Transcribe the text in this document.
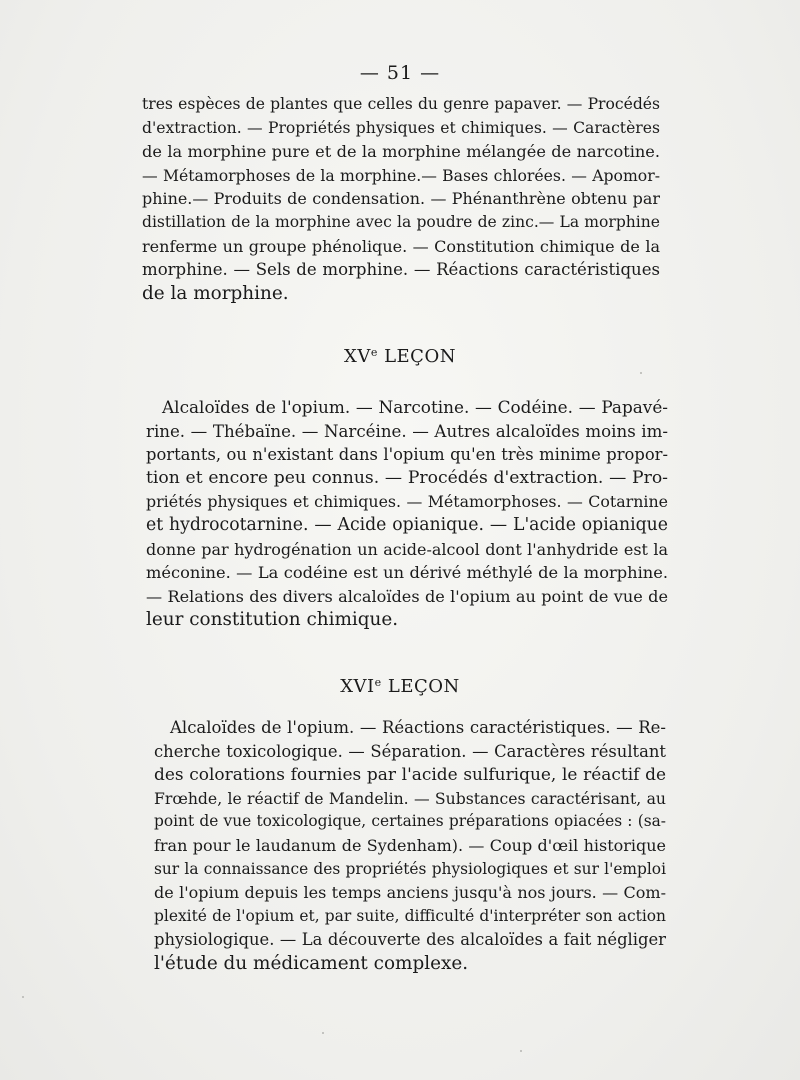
— 51 —
tres espèces de plantes que celles du genre papaver. — Procédés
d'extraction. — Propriétés physiques et chimiques. — Caractères
de la morphine pure et de la morphine mélangée de narcotine.
— Métamorphoses de la morphine.— Bases chlorées. — Apomor-
phine.— Produits de condensation. — Phénanthrène obtenu par
distillation de la morphine avec la poudre de zinc.— La morphine
renferme un groupe phénolique. — Constitution chimique de la
morphine. — Sels de morphine. — Réactions caractéristiques
de la morphine.
XVe LEÇON
Alcaloïdes de l'opium. — Narcotine. — Codéine. — Papavé-
rine. — Thébaïne. — Narcéine. — Autres alcaloïdes moins im-
portants, ou n'existant dans l'opium qu'en très minime propor-
tion et encore peu connus. — Procédés d'extraction. — Pro-
priétés physiques et chimiques. — Métamorphoses. — Cotarnine
et hydrocotarnine. — Acide opianique. — L'acide opianique
donne par hydrogénation un acide-alcool dont l'anhydride est la
méconine. — La codéine est un dérivé méthylé de la morphine.
— Relations des divers alcaloïdes de l'opium au point de vue de
leur constitution chimique.
XVIe LEÇON
Alcaloïdes de l'opium. — Réactions caractéristiques. — Re-
cherche toxicologique. — Séparation. — Caractères résultant
des colorations fournies par l'acide sulfurique, le réactif de
Frœhde, le réactif de Mandelin. — Substances caractérisant, au
point de vue toxicologique, certaines préparations opiacées : (sa-
fran pour le laudanum de Sydenham). — Coup d'œil historique
sur la connaissance des propriétés physiologiques et sur l'emploi
de l'opium depuis les temps anciens jusqu'à nos jours. — Com-
plexité de l'opium et, par suite, difficulté d'interpréter son action
physiologique. — La découverte des alcaloïdes a fait négliger
l'étude du médicament complexe.
